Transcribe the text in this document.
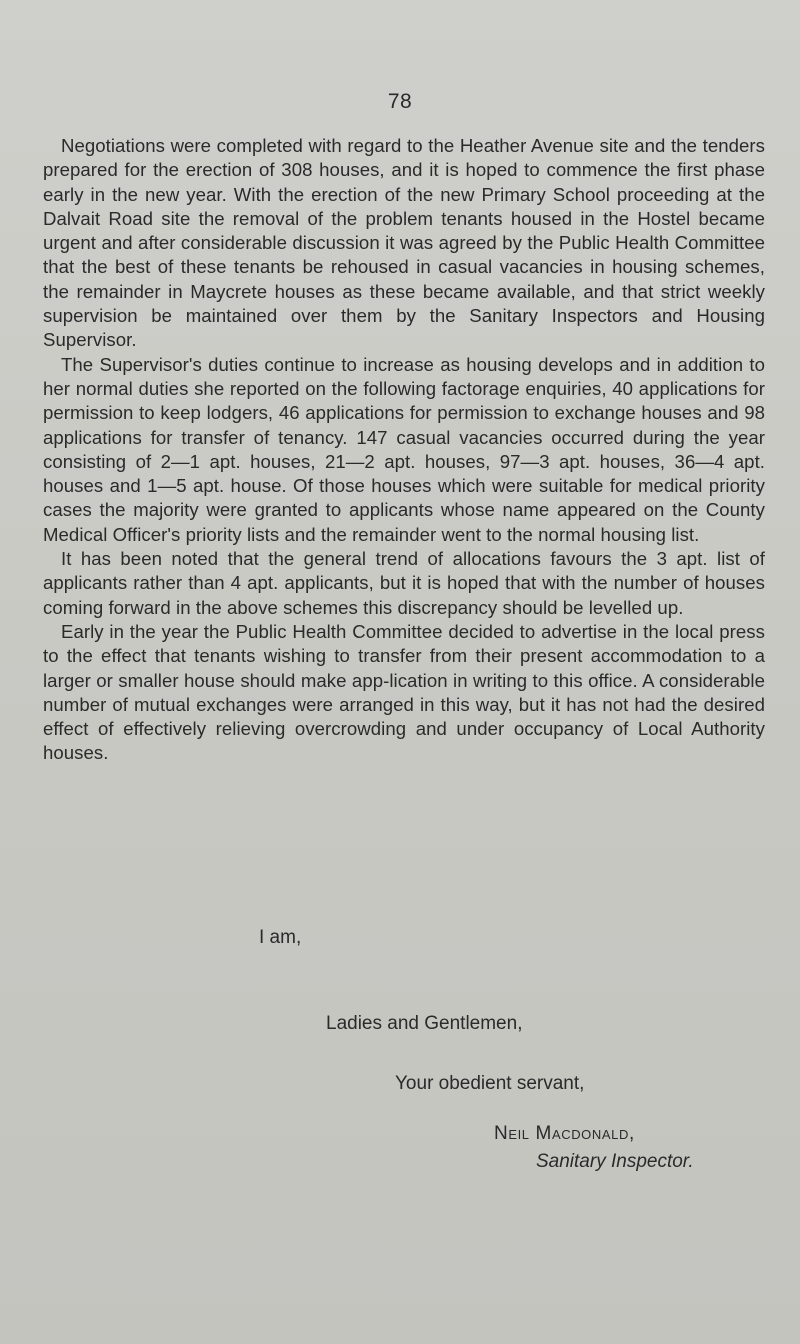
78

Negotiations were completed with regard to the Heather Avenue site and the tenders prepared for the erection of 308 houses, and it is hoped to commence the first phase early in the new year. With the erection of the new Primary School proceeding at the Dalvait Road site the removal of the problem tenants housed in the Hostel became urgent and after considerable discussion it was agreed by the Public Health Committee that the best of these tenants be rehoused in casual vacancies in housing schemes, the remainder in Maycrete houses as these became available, and that strict weekly supervision be maintained over them by the Sanitary Inspectors and Housing Supervisor.

The Supervisor's duties continue to increase as housing develops and in addition to her normal duties she reported on the following factorage enquiries, 40 applications for permission to keep lodgers, 46 applications for permission to exchange houses and 98 applications for transfer of tenancy. 147 casual vacancies occurred during the year consisting of 2—1 apt. houses, 21—2 apt. houses, 97—3 apt. houses, 36—4 apt. houses and 1—5 apt. house. Of those houses which were suitable for medical priority cases the majority were granted to applicants whose name appeared on the County Medical Officer's priority lists and the remainder went to the normal housing list.

It has been noted that the general trend of allocations favours the 3 apt. list of applicants rather than 4 apt. applicants, but it is hoped that with the number of houses coming forward in the above schemes this discrepancy should be levelled up.

Early in the year the Public Health Committee decided to advertise in the local press to the effect that tenants wishing to transfer from their present accommodation to a larger or smaller house should make app-lication in writing to this office. A considerable number of mutual exchanges were arranged in this way, but it has not had the desired effect of effectively relieving overcrowding and under occupancy of Local Authority houses.

I am,
Ladies and Gentlemen,
Your obedient servant,
Neil Macdonald,
Sanitary Inspector.
